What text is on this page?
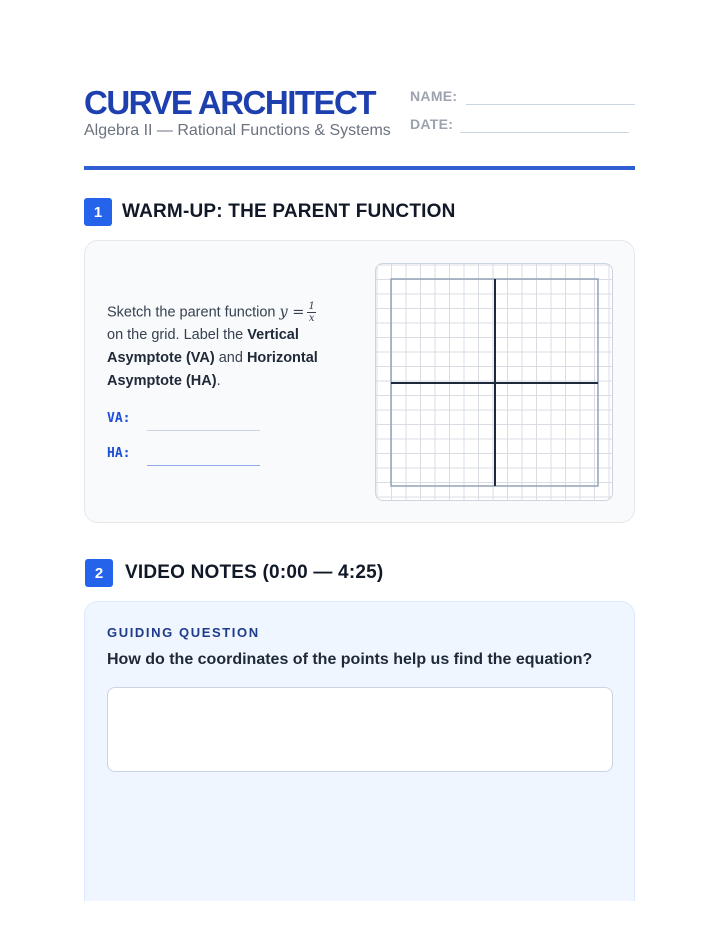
CURVE ARCHITECT
Algebra II — Rational Functions & Systems
NAME:
DATE:
1	WARM-UP: THE PARENT FUNCTION
Sketch the parent function $y = \frac{1}{x}$

on the grid. Label the Vertical Asymptote (VA) and Horizontal Asymptote (HA).
VA:
HA:
2	VIDEO NOTES (0:00 — 4:25)
GUIDING QUESTION
How do the coordinates of the points help us find the equation?
